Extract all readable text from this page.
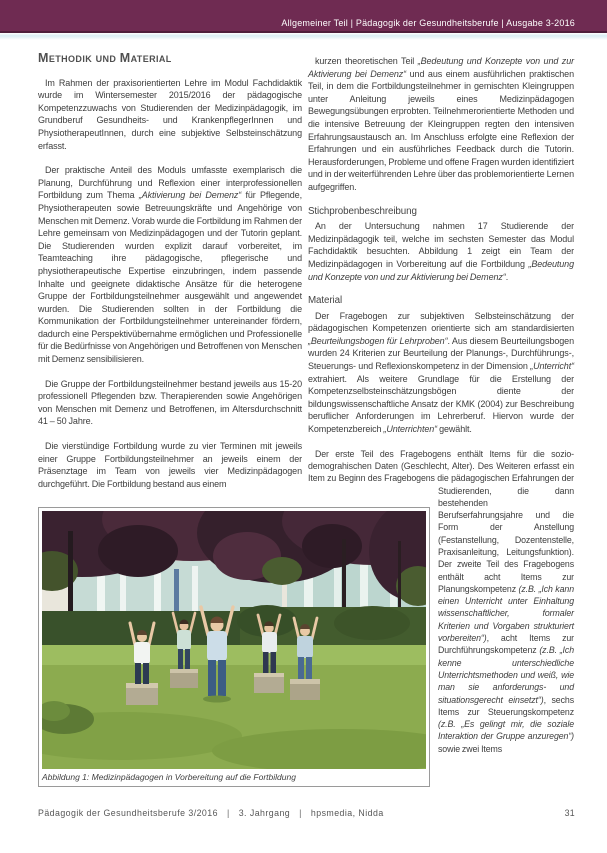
Allgemeiner Teil | Pädagogik der Gesundheitsberufe | Ausgabe 3-2016
Methodik und Material

Im Rahmen der praxisorientierten Lehre im Modul Fachdidaktik wurde im Wintersemester 2015/2016 der pädagogische Kompetenzzuwachs von Studierenden der Medizinpädagogik, im Grundberuf Gesundheits- und KrankenpflegerInnen und PhysiotherapeutInnen, durch eine subjektive Selbsteinschätzung erfasst.

Der praktische Anteil des Moduls umfasste exemplarisch die Planung, Durchführung und Reflexion einer interprofessionellen Fortbildung zum Thema „Aktivierung bei Demenz“ für Pflegende, Physiotherapeuten sowie Betreuungskräfte und Angehörige von Menschen mit Demenz. Vorab wurde die Fortbildung im Rahmen der Lehre gemeinsam von Medizinpädagogen und der Tutorin geplant. Die Studierenden wurden explizit darauf vorbereitet, im Teamteaching ihre pädagogische, pflegerische und physiotherapeutische Expertise einzubringen, indem passende Inhalte und geeignete didaktische Ansätze für die heterogene Gruppe der Fortbildungsteilnehmer ausgewählt und angewendet wurden. Die Studierenden sollten in der Fortbildung die Kommunikation der Fortbildungsteilnehmer untereinander fördern, dadurch eine Perspektivübernahme ermöglichen und Professionelle für die Bedürfnisse von Angehörigen und Betroffenen von Menschen mit Demenz sensibilisieren.

Die Gruppe der Fortbildungsteilnehmer bestand jeweils aus 15-20 professionell Pflegenden bzw. Therapierenden sowie Angehörigen von Menschen mit Demenz und Betroffenen, im Altersdurchschnitt 41 – 50 Jahre.

Die vierstündige Fortbildung wurde zu vier Terminen mit jeweils einer Gruppe Fortbildungsteilnehmer an jeweils einem der Präsenztage im Team von jeweils vier Medizinpädagogen durchgeführt. Die Fortbildung bestand aus einem

kurzen theoretischen Teil „Bedeutung und Konzepte von und zur Aktivierung bei Demenz“ und aus einem ausführlichen praktischen Teil, in dem die Fortbildungsteilnehmer in gemischten Kleingruppen unter Anleitung jeweils eines Medizinpädagogen Bewegungsübungen erprobten. Teilnehmerorientierte Methoden und die intensive Betreuung der Kleingruppen regten den intensiven Erfahrungsaustausch an. Im Anschluss erfolgte eine Reflexion der Erfahrungen und ein ausführliches Feedback durch die Tutorin. Herausforderungen, Probleme und offene Fragen wurden identifiziert und in der weiterführenden Lehre über das problemorientierte Lernen aufgegriffen.

Stichprobenbeschreibung

An der Untersuchung nahmen 17 Studierende der Medizinpädagogik teil, welche im sechsten Semester das Modul Fachdidaktik besuchten. Abbildung 1 zeigt ein Team der Medizinpädagogen in Vorbereitung auf die Fortbildung „Bedeutung und Konzepte von und zur Aktivierung bei Demenz“.

Material

Der Fragebogen zur subjektiven Selbsteinschätzung der pädagogischen Kompetenzen orientierte sich am standardisierten „Beurteilungsbogen für Lehrproben“. Aus diesem Beurteilungsbogen wurden 24 Kriterien zur Beurteilung der Planungs-, Durchführungs-, Steuerungs- und Reflexionskompetenz in der Dimension „Unterricht“ extrahiert. Als weitere Grundlage für die Erstellung der Kompetenzselbsteinschätzungsbögen diente der bildungswissenschaftliche Ansatz der KMK (2004) zur Beschreibung beruflicher Anforderungen im Lehrerberuf. Hiervon wurde der Kompetenzbereich „Unterrichten“ gewählt.

Der erste Teil des Fragebogens enthält Items für die sozio-demograhischen Daten (Geschlecht, Alter). Des Weiteren erfasst ein Item zu Beginn des Fragebogens die
pädagogischen Erfahrungen der Studierenden, die dann bestehenden Berufserfahrungsjahre und die Form der Anstellung (Festanstellung, Dozentenstelle, Praxisanleitung, Leitungsfunktion). Der zweite Teil des Fragebogens enthält acht Items zur Planungskompetenz (z.B. „Ich kann einen Unterricht unter Einhaltung wissenschaftlicher, formaler Kriterien und Vorgaben strukturiert vorbereiten“), acht Items zur Durchführungskompetenz (z.B. „Ich kenne unterschiedliche Unterrichtsmethoden und weiß, wie man sie anforderungs- und situationsgerecht einsetzt“), sechs Items zur Steuerungskompetenz (z.B. „Es gelingt mir, die soziale Interaktion der Gruppe anzuregen“) sowie zwei Items

Abbildung 1: Medizinpädagogen in Vorbereitung auf die Fortbildung
Pädagogik der Gesundheitsberufe 3/2016 | 3. Jahrgang | hpsmedia, Nidda	31
